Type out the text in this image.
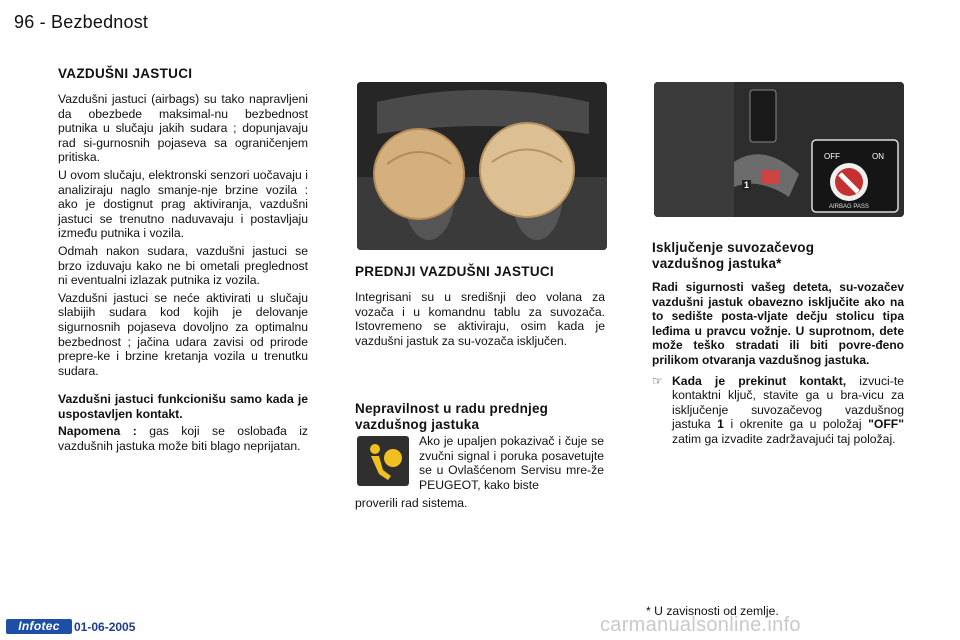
96 - Bezbednost
VAZDUŠNI JASTUCI

Vazdušni jastuci (airbags) su tako napravljeni da obezbede maksimal-nu bezbednost putnika u slučaju jakih sudara ; dopunjavaju rad si-gurnosnih pojaseva sa ograničenjem pritiska.

U ovom slučaju, elektronski senzori uočavaju i analiziraju naglo smanje-nje brzine vozila : ako je dostignut prag aktiviranja, vazdušni jastuci se trenutno naduvavaju i postavljaju između putnika i vozila.

Odmah nakon sudara, vazdušni jastuci se brzo izduvaju kako ne bi ometali preglednost ni eventualni izlazak putnika iz vozila.

Vazdušni jastuci se neće aktivirati u slučaju slabijih sudara kod kojih je delovanje sigurnosnih pojaseva dovoljno za optimalnu bezbednost ; jačina udara zavisi od prirode prepre-ke i brzine kretanja vozila u trenutku sudara.

Vazdušni jastuci funkcionišu samo kada je uspostavljen kontakt.

Napomena : gas koji se oslobađa iz vazdušnih jastuka može biti blago neprijatan.

OFF	ON
AIRBAG PASS
1
PREDNJI VAZDUŠNI JASTUCI

Integrisani su u središnji deo volana za vozača i u komandnu tablu za suvozača. Istovremeno se aktiviraju, osim kada je vazdušni jastuk za su-vozača isključen.

Nepravilnost u radu prednjeg
vazdušnog jastuka

Ako je upaljen pokazivač i čuje se zvučni signal i poruka posavetujte se u Ovlašćenom Servisu mre-že PEUGEOT, kako biste

proverili rad sistema.

Isključenje suvozačevog
vazdušnog jastuka*

Radi sigurnosti vašeg deteta, su-vozačev vazdušni jastuk obavezno isključite ako na to sedište posta-vljate dečju stolicu tipa leđima u pravcu vožnje. U suprotnom, dete može teško stradati ili biti povre-đeno prilikom otvaranja vazdušnog jastuka.

☞ Kada je prekinut kontakt, izvuci-te kontaktni ključ, stavite ga u bra-vicu za isključenje suvozačevog vazdušnog jastuka 1 i okrenite ga u položaj "OFF" zatim ga izvadite zadržavajući taj položaj.

* U zavisnosti od zemlje.
carmanualsonline.info
Infotec	01-06-2005
